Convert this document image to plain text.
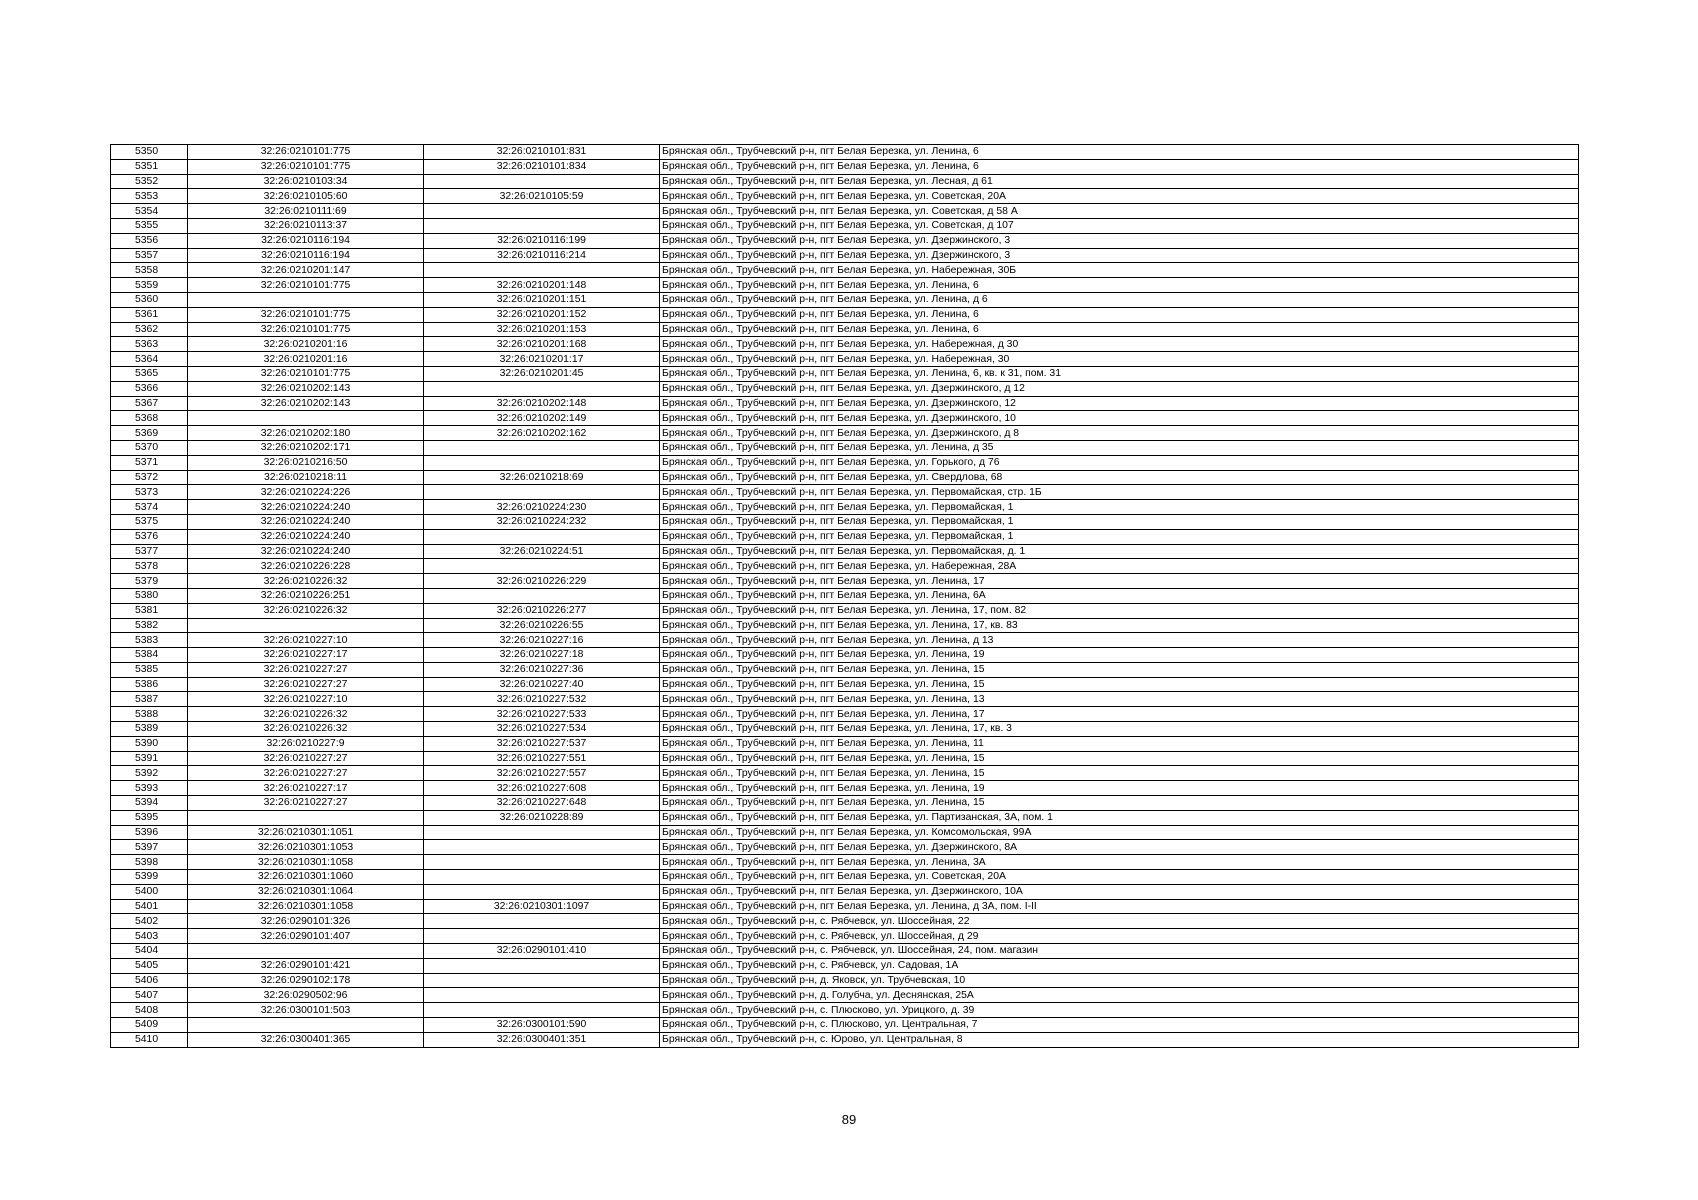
5350	32:26:0210101:775	32:26:0210101:831	Брянская обл., Трубчевский р-н, пгт Белая Березка, ул. Ленина, 6
5351	32:26:0210101:775	32:26:0210101:834	Брянская обл., Трубчевский р-н, пгт Белая Березка, ул. Ленина, 6
5352	32:26:0210103:34		Брянская обл., Трубчевский р-н, пгт Белая Березка, ул. Лесная, д 61
5353	32:26:0210105:60	32:26:0210105:59	Брянская обл., Трубчевский р-н, пгт Белая Березка, ул. Советская, 20А
5354	32:26:0210111:69		Брянская обл., Трубчевский р-н, пгт Белая Березка, ул. Советская, д 58 А
5355	32:26:0210113:37		Брянская обл., Трубчевский р-н, пгт Белая Березка, ул. Советская, д 107
5356	32:26:0210116:194	32:26:0210116:199	Брянская обл., Трубчевский р-н, пгт Белая Березка, ул. Дзержинского, 3
5357	32:26:0210116:194	32:26:0210116:214	Брянская обл., Трубчевский р-н, пгт Белая Березка, ул. Дзержинского, 3
5358	32:26:0210201:147		Брянская обл., Трубчевский р-н, пгт Белая Березка, ул. Набережная, 30Б
5359	32:26:0210101:775	32:26:0210201:148	Брянская обл., Трубчевский р-н, пгт Белая Березка, ул. Ленина, 6
5360		32:26:0210201:151	Брянская обл., Трубчевский р-н, пгт Белая Березка, ул. Ленина, д 6
5361	32:26:0210101:775	32:26:0210201:152	Брянская обл., Трубчевский р-н, пгт Белая Березка, ул. Ленина, 6
5362	32:26:0210101:775	32:26:0210201:153	Брянская обл., Трубчевский р-н, пгт Белая Березка, ул. Ленина, 6
5363	32:26:0210201:16	32:26:0210201:168	Брянская обл., Трубчевский р-н, пгт Белая Березка, ул. Набережная, д 30
5364	32:26:0210201:16	32:26:0210201:17	Брянская обл., Трубчевский р-н, пгт Белая Березка, ул. Набережная, 30
5365	32:26:0210101:775	32:26:0210201:45	Брянская обл., Трубчевский р-н, пгт Белая Березка, ул. Ленина, 6, кв. к 31, пом. 31
5366	32:26:0210202:143		Брянская обл., Трубчевский р-н, пгт Белая Березка, ул. Дзержинского, д 12
5367	32:26:0210202:143	32:26:0210202:148	Брянская обл., Трубчевский р-н, пгт Белая Березка, ул. Дзержинского, 12
5368		32:26:0210202:149	Брянская обл., Трубчевский р-н, пгт Белая Березка, ул. Дзержинского, 10
5369	32:26:0210202:180	32:26:0210202:162	Брянская обл., Трубчевский р-н, пгт Белая Березка, ул. Дзержинского, д 8
5370	32:26:0210202:171		Брянская обл., Трубчевский р-н, пгт Белая Березка, ул. Ленина, д 35
5371	32:26:0210216:50		Брянская обл., Трубчевский р-н, пгт Белая Березка, ул. Горького, д 76
5372	32:26:0210218:11	32:26:0210218:69	Брянская обл., Трубчевский р-н, пгт Белая Березка, ул. Свердлова, 68
5373	32:26:0210224:226		Брянская обл., Трубчевский р-н, пгт Белая Березка, ул. Первомайская, стр. 1Б
5374	32:26:0210224:240	32:26:0210224:230	Брянская обл., Трубчевский р-н, пгт Белая Березка, ул. Первомайская, 1
5375	32:26:0210224:240	32:26:0210224:232	Брянская обл., Трубчевский р-н, пгт Белая Березка, ул. Первомайская, 1
5376	32:26:0210224:240		Брянская обл., Трубчевский р-н, пгт Белая Березка, ул. Первомайская, 1
5377	32:26:0210224:240	32:26:0210224:51	Брянская обл., Трубчевский р-н, пгт Белая Березка, ул. Первомайская, д. 1
5378	32:26:0210226:228		Брянская обл., Трубчевский р-н, пгт Белая Березка, ул. Набережная, 28А
5379	32:26:0210226:32	32:26:0210226:229	Брянская обл., Трубчевский р-н, пгт Белая Березка, ул. Ленина, 17
5380	32:26:0210226:251		Брянская обл., Трубчевский р-н, пгт Белая Березка, ул. Ленина, 6А
5381	32:26:0210226:32	32:26:0210226:277	Брянская обл., Трубчевский р-н, пгт Белая Березка, ул. Ленина, 17, пом. 82
5382		32:26:0210226:55	Брянская обл., Трубчевский р-н, пгт Белая Березка, ул. Ленина, 17, кв. 83
5383	32:26:0210227:10	32:26:0210227:16	Брянская обл., Трубчевский р-н, пгт Белая Березка, ул. Ленина, д 13
5384	32:26:0210227:17	32:26:0210227:18	Брянская обл., Трубчевский р-н, пгт Белая Березка, ул. Ленина, 19
5385	32:26:0210227:27	32:26:0210227:36	Брянская обл., Трубчевский р-н, пгт Белая Березка, ул. Ленина, 15
5386	32:26:0210227:27	32:26:0210227:40	Брянская обл., Трубчевский р-н, пгт Белая Березка, ул. Ленина, 15
5387	32:26:0210227:10	32:26:0210227:532	Брянская обл., Трубчевский р-н, пгт Белая Березка, ул. Ленина, 13
5388	32:26:0210226:32	32:26:0210227:533	Брянская обл., Трубчевский р-н, пгт Белая Березка, ул. Ленина, 17
5389	32:26:0210226:32	32:26:0210227:534	Брянская обл., Трубчевский р-н, пгт Белая Березка, ул. Ленина, 17, кв. 3
5390	32:26:0210227:9	32:26:0210227:537	Брянская обл., Трубчевский р-н, пгт Белая Березка, ул. Ленина, 11
5391	32:26:0210227:27	32:26:0210227:551	Брянская обл., Трубчевский р-н, пгт Белая Березка, ул. Ленина, 15
5392	32:26:0210227:27	32:26:0210227:557	Брянская обл., Трубчевский р-н, пгт Белая Березка, ул. Ленина, 15
5393	32:26:0210227:17	32:26:0210227:608	Брянская обл., Трубчевский р-н, пгт Белая Березка, ул. Ленина, 19
5394	32:26:0210227:27	32:26:0210227:648	Брянская обл., Трубчевский р-н, пгт Белая Березка, ул. Ленина, 15
5395		32:26:0210228:89	Брянская обл., Трубчевский р-н, пгт Белая Березка, ул. Партизанская, 3А, пом. 1
5396	32:26:0210301:1051		Брянская обл., Трубчевский р-н, пгт Белая Березка, ул. Комсомольская, 99А
5397	32:26:0210301:1053		Брянская обл., Трубчевский р-н, пгт Белая Березка, ул. Дзержинского, 8А
5398	32:26:0210301:1058		Брянская обл., Трубчевский р-н, пгт Белая Березка, ул. Ленина, 3А
5399	32:26:0210301:1060		Брянская обл., Трубчевский р-н, пгт Белая Березка, ул. Советская, 20А
5400	32:26:0210301:1064		Брянская обл., Трубчевский р-н, пгт Белая Березка, ул. Дзержинского, 10А
5401	32:26:0210301:1058	32:26:0210301:1097	Брянская обл., Трубчевский р-н, пгт Белая Березка, ул. Ленина, д 3А, пом. I-II
5402	32:26:0290101:326		Брянская обл., Трубчевский р-н, с. Рябчевск, ул. Шоссейная, 22
5403	32:26:0290101:407		Брянская обл., Трубчевский р-н, с. Рябчевск, ул. Шоссейная, д 29
5404		32:26:0290101:410	Брянская обл., Трубчевский р-н, с. Рябчевск, ул. Шоссейная, 24, пом. магазин
5405	32:26:0290101:421		Брянская обл., Трубчевский р-н, с. Рябчевск, ул. Садовая, 1А
5406	32:26:0290102:178		Брянская обл., Трубчевский р-н, д. Яковск, ул. Трубчевская, 10
5407	32:26:0290502:96		Брянская обл., Трубчевский р-н, д. Голубча, ул. Деснянская, 25А
5408	32:26:0300101:503		Брянская обл., Трубчевский р-н, с. Плюсково, ул. Урицкого, д. 39
5409		32:26:0300101:590	Брянская обл., Трубчевский р-н, с. Плюсково, ул. Центральная, 7
5410	32:26:0300401:365	32:26:0300401:351	Брянская обл., Трубчевский р-н, с. Юрово, ул. Центральная, 8
89
